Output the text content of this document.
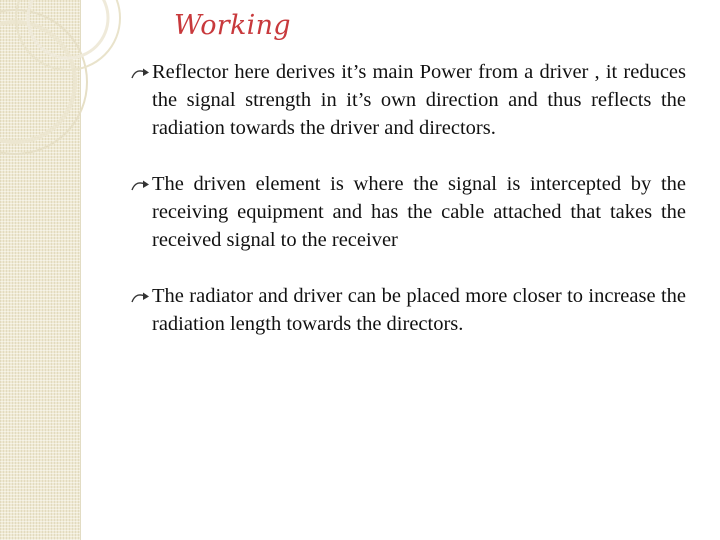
Working
Reflector here derives it’s main Power from a driver , it reduces the signal strength in it’s own direction and thus reflects the radiation towards the driver and directors.
The driven element is where the signal is intercepted by the receiving equipment and has the cable attached that takes the received signal to the receiver
The radiator and driver can be placed more closer to increase the radiation length towards the directors.
